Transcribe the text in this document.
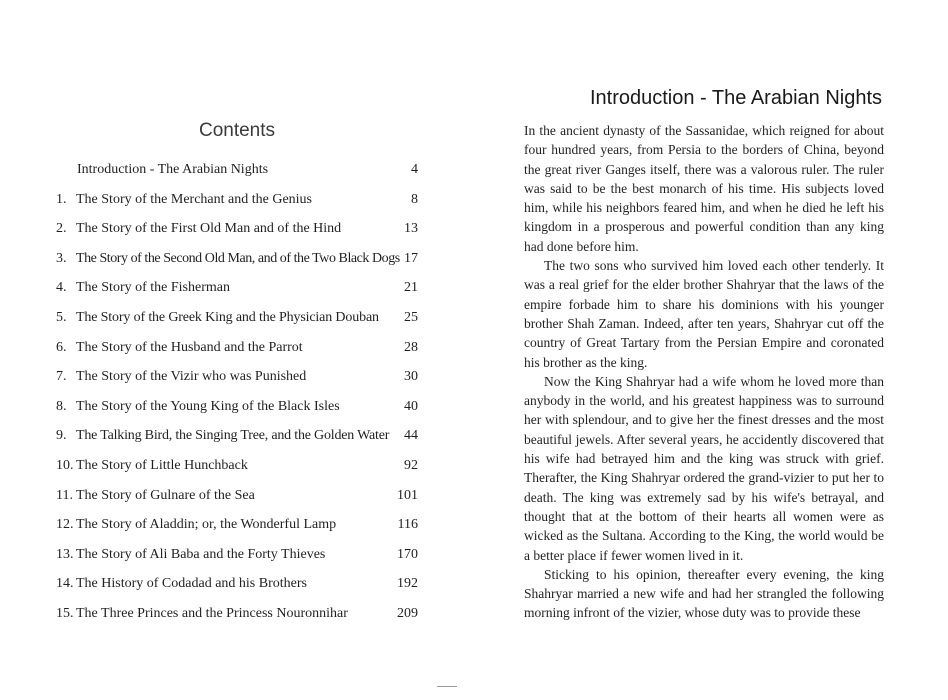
Contents
Introduction - The Arabian Nights	4
1. The Story of the Merchant and the Genius	8
2. The Story of the First Old Man and of the Hind	13
3. The Story of the Second Old Man, and of the Two Black Dogs 17
4. The Story of the Fisherman	21
5. The Story of the Greek King and the Physician Douban 25
6. The Story of the Husband and the Parrot	28
7. The Story of the Vizir who was Punished	30
8. The Story of the Young King of the Black Isles	40
9. The Talking Bird, the Singing Tree, and the Golden Water 44
10. The Story of Little Hunchback	92
11. The Story of Gulnare of the Sea	101
12. The Story of Aladdin; or, the Wonderful Lamp	116
13. The Story of Ali Baba and the Forty Thieves	170
14. The History of Codadad and his Brothers	192
15. The Three Princes and the Princess Nouronnihar	209
Introduction - The Arabian Nights

In the ancient dynasty of the Sassanidae, which reigned for about four hundred years, from Persia to the borders of China, beyond the great river Ganges itself, there was a valorous ruler. The ruler was said to be the best monarch of his time. His subjects loved him, while his neighbors feared him, and when he died he left his kingdom in a prosperous and powerful condition than any king had done before him.

The two sons who survived him loved each other tenderly. It was a real grief for the elder brother Shahryar that the laws of the empire forbade him to share his dominions with his younger brother Shah Zaman. Indeed, after ten years, Shahryar cut off the country of Great Tartary from the Persian Empire and coronated his brother as the king.

Now the King Shahryar had a wife whom he loved more than anybody in the world, and his greatest happiness was to surround her with splendour, and to give her the finest dresses and the most beautiful jewels. After several years, he accidently discovered that his wife had betrayed him and the king was struck with grief. Therafter, the King Shahryar ordered the grand-vizier to put her to death. The king was extremely sad by his wife's betrayal, and thought that at the bottom of their hearts all women were as wicked as the Sultana. According to the King, the world would be a better place if fewer women lived in it.

Sticking to his opinion, thereafter every evening, the king Shahryar married a new wife and had her strangled the following morning infront of the vizier, whose duty was to provide these
